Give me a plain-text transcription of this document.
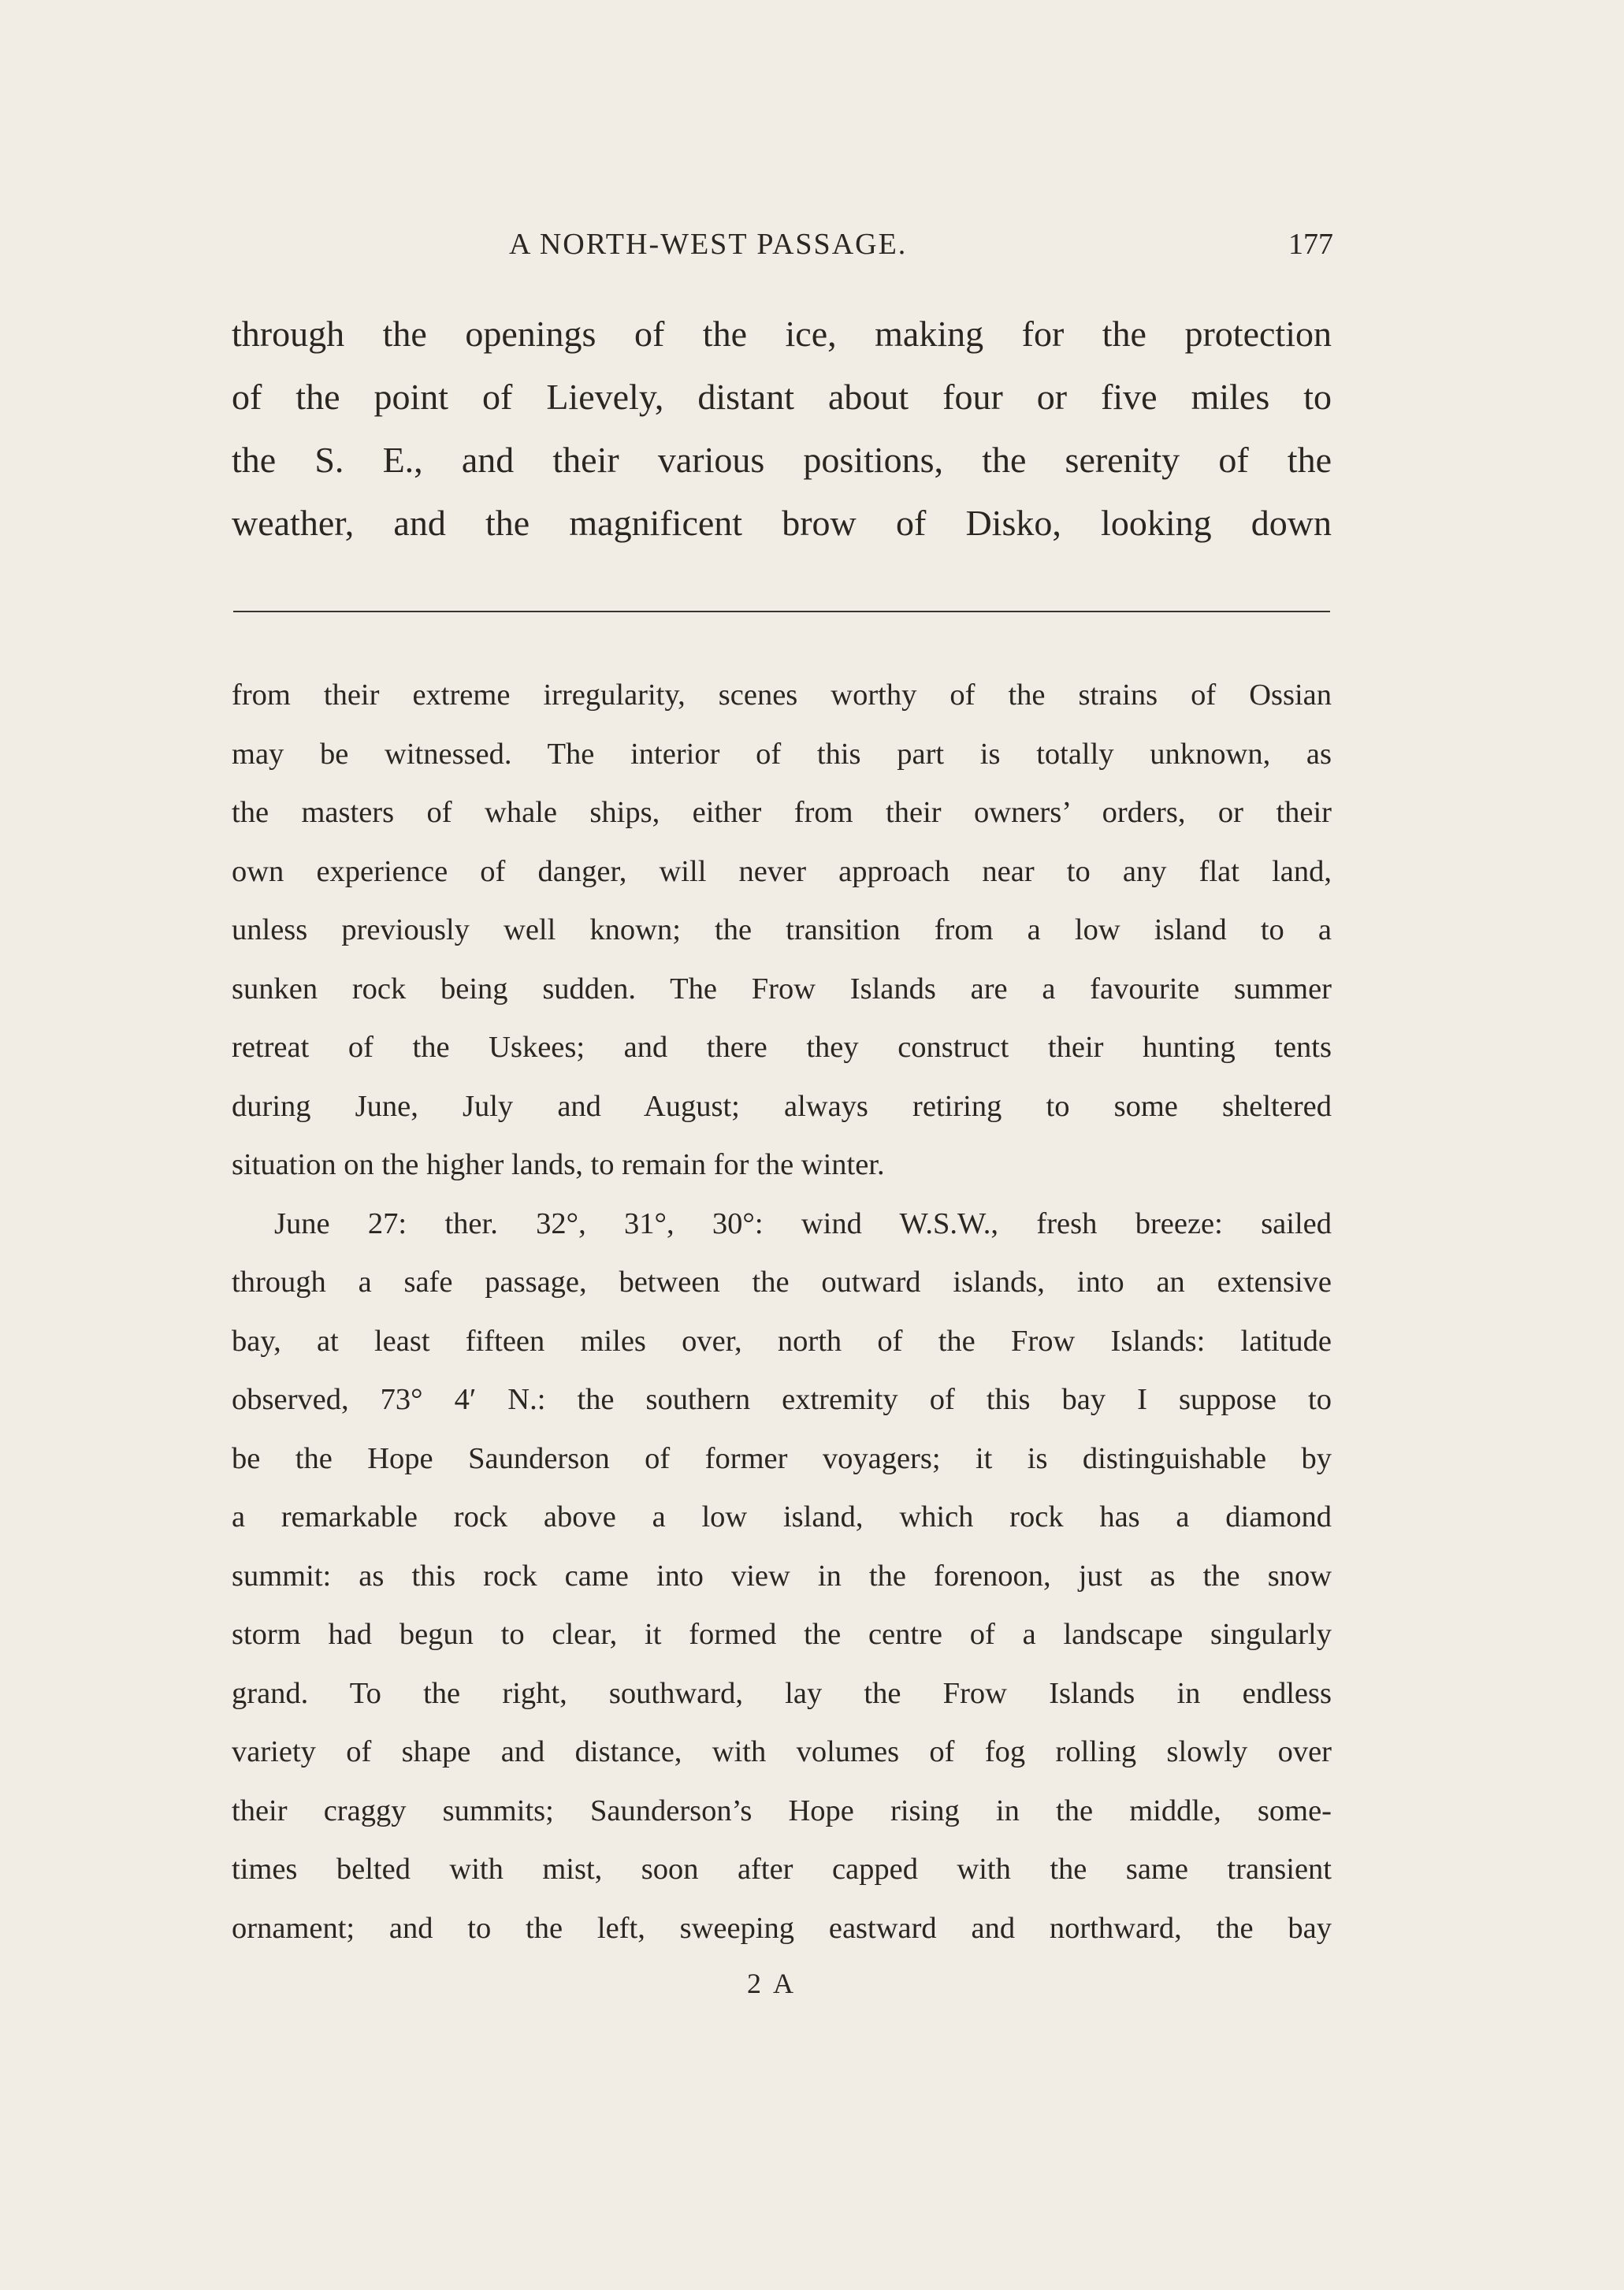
A NORTH-WEST PASSAGE.	177
through the openings of the ice, making for the protection
of the point of Lievely, distant about four or five miles to
the S. E., and their various positions, the serenity of the
weather, and the magnificent brow of Disko, looking down
from their extreme irregularity, scenes worthy of the strains of Ossian
may be witnessed. The interior of this part is totally unknown, as
the masters of whale ships, either from their owners’ orders, or their
own experience of danger, will never approach near to any flat land,
unless previously well known; the transition from a low island to a
sunken rock being sudden. The Frow Islands are a favourite summer
retreat of the Uskees; and there they construct their hunting tents
during June, July and August; always retiring to some sheltered
situation on the higher lands, to remain for the winter.
June 27: ther. 32°, 31°, 30°: wind W.S.W., fresh breeze: sailed
through a safe passage, between the outward islands, into an extensive
bay, at least fifteen miles over, north of the Frow Islands: latitude
observed, 73° 4′ N.: the southern extremity of this bay I suppose to
be the Hope Saunderson of former voyagers; it is distinguishable by
a remarkable rock above a low island, which rock has a diamond
summit: as this rock came into view in the forenoon, just as the snow
storm had begun to clear, it formed the centre of a landscape singularly
grand. To the right, southward, lay the Frow Islands in endless
variety of shape and distance, with volumes of fog rolling slowly over
their craggy summits; Saunderson’s Hope rising in the middle, some-
times belted with mist, soon after capped with the same transient
ornament; and to the left, sweeping eastward and northward, the bay
2 A
